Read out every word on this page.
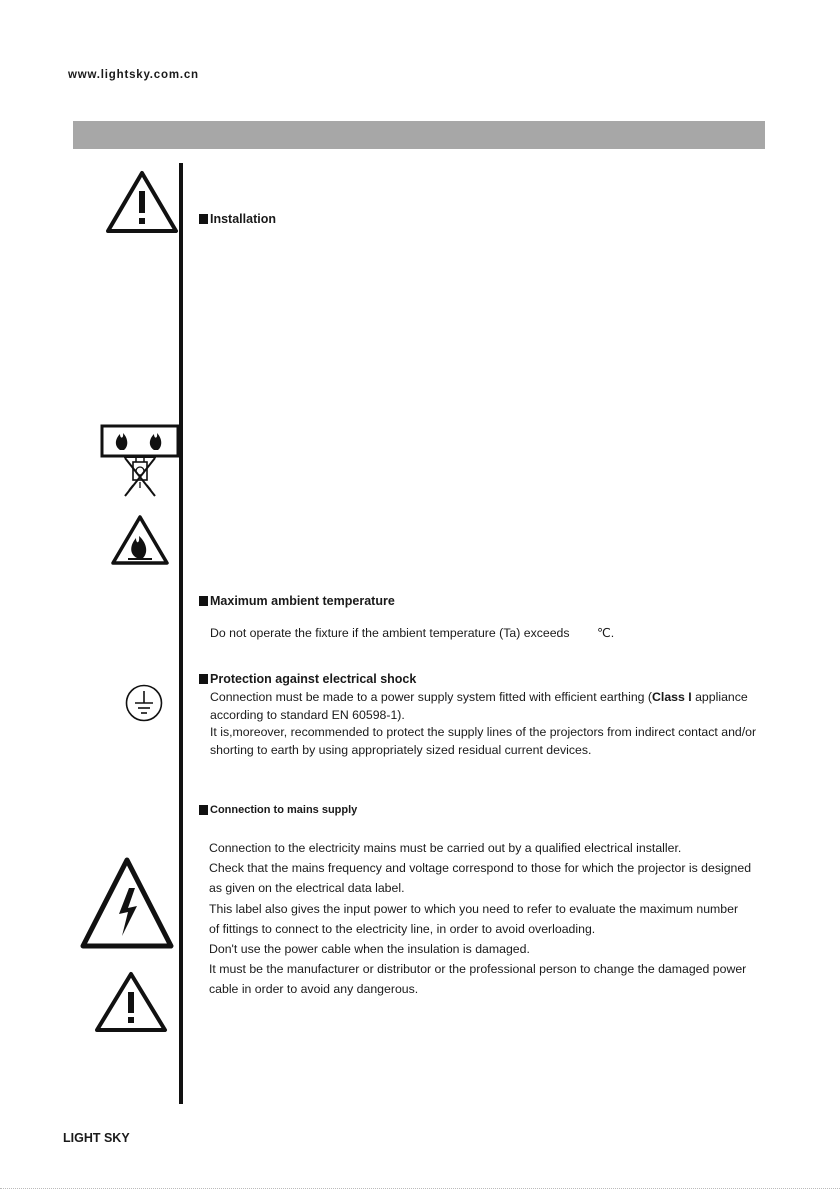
www.lightsky.com.cn
Installation
Maximum ambient temperature
Do not operate the fixture if the ambient temperature (Ta) exceeds ℃.
Protection against electrical shock
Connection must be made to a power supply system fitted with efficient earthing (Class I appliance
according to standard EN 60598-1).
It is,moreover, recommended to protect the supply lines of the projectors from indirect contact and/or
shorting to earth by using appropriately sized residual current devices.
Connection to mains supply
Connection to the electricity mains must be carried out by a qualified electrical installer.
Check that the mains frequency and voltage correspond to those for which the projector is designed
as given on the electrical data label.
This label also gives the input power to which you need to refer to evaluate the maximum number
of fittings to connect to the electricity line, in order to avoid overloading.
Don't use the power cable when the insulation is damaged.
It must be the manufacturer or distributor or the professional person to change the damaged power
cable in order to avoid any dangerous.
LIGHT SKY
